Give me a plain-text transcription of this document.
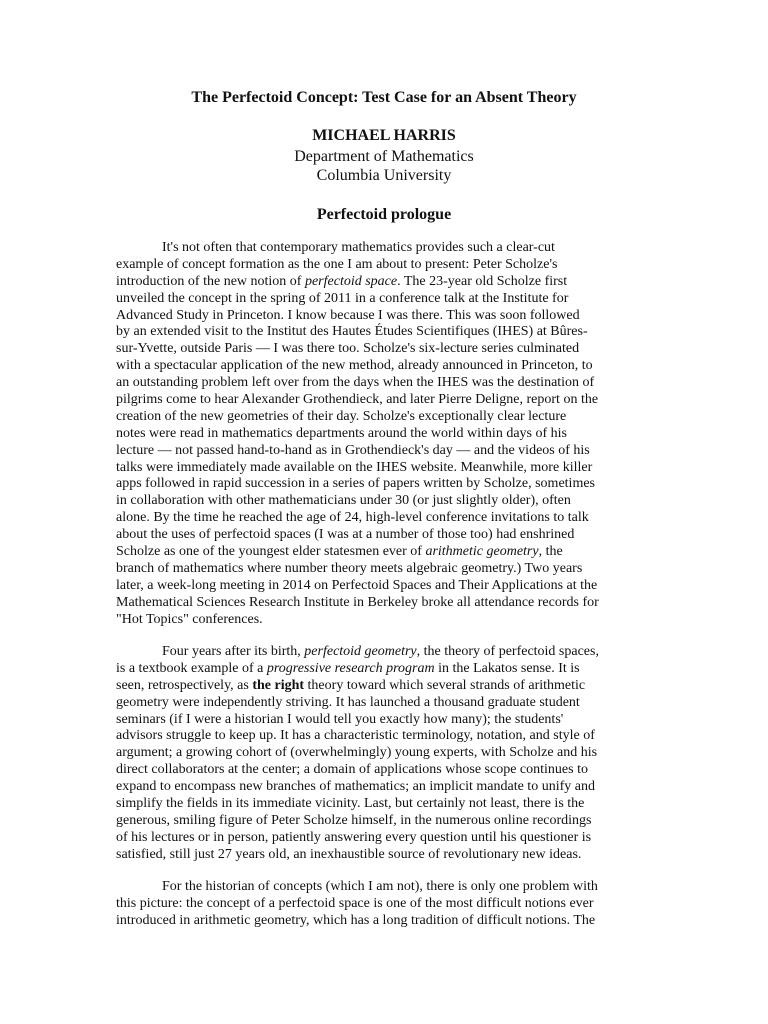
The Perfectoid Concept: Test Case for an Absent Theory
MICHAEL HARRIS
Department of Mathematics
Columbia University
Perfectoid prologue
It's not often that contemporary mathematics provides such a clear-cut
example of concept formation as the one I am about to present: Peter Scholze's
introduction of the new notion of perfectoid space. The 23-year old Scholze first
unveiled the concept in the spring of 2011 in a conference talk at the Institute for
Advanced Study in Princeton. I know because I was there. This was soon followed
by an extended visit to the Institut des Hautes Études Scientifiques (IHES) at Bûres-
sur-Yvette, outside Paris — I was there too. Scholze's six-lecture series culminated
with a spectacular application of the new method, already announced in Princeton, to
an outstanding problem left over from the days when the IHES was the destination of
pilgrims come to hear Alexander Grothendieck, and later Pierre Deligne, report on the
creation of the new geometries of their day. Scholze's exceptionally clear lecture
notes were read in mathematics departments around the world within days of his
lecture — not passed hand-to-hand as in Grothendieck's day — and the videos of his
talks were immediately made available on the IHES website. Meanwhile, more killer
apps followed in rapid succession in a series of papers written by Scholze, sometimes
in collaboration with other mathematicians under 30 (or just slightly older), often
alone. By the time he reached the age of 24, high-level conference invitations to talk
about the uses of perfectoid spaces (I was at a number of those too) had enshrined
Scholze as one of the youngest elder statesmen ever of arithmetic geometry, the
branch of mathematics where number theory meets algebraic geometry.) Two years
later, a week-long meeting in 2014 on Perfectoid Spaces and Their Applications at the
Mathematical Sciences Research Institute in Berkeley broke all attendance records for
"Hot Topics" conferences.
Four years after its birth, perfectoid geometry, the theory of perfectoid spaces,
is a textbook example of a progressive research program in the Lakatos sense. It is
seen, retrospectively, as the right theory toward which several strands of arithmetic
geometry were independently striving. It has launched a thousand graduate student
seminars (if I were a historian I would tell you exactly how many); the students'
advisors struggle to keep up. It has a characteristic terminology, notation, and style of
argument; a growing cohort of (overwhelmingly) young experts, with Scholze and his
direct collaborators at the center; a domain of applications whose scope continues to
expand to encompass new branches of mathematics; an implicit mandate to unify and
simplify the fields in its immediate vicinity. Last, but certainly not least, there is the
generous, smiling figure of Peter Scholze himself, in the numerous online recordings
of his lectures or in person, patiently answering every question until his questioner is
satisfied, still just 27 years old, an inexhaustible source of revolutionary new ideas.
For the historian of concepts (which I am not), there is only one problem with
this picture: the concept of a perfectoid space is one of the most difficult notions ever
introduced in arithmetic geometry, which has a long tradition of difficult notions. The
